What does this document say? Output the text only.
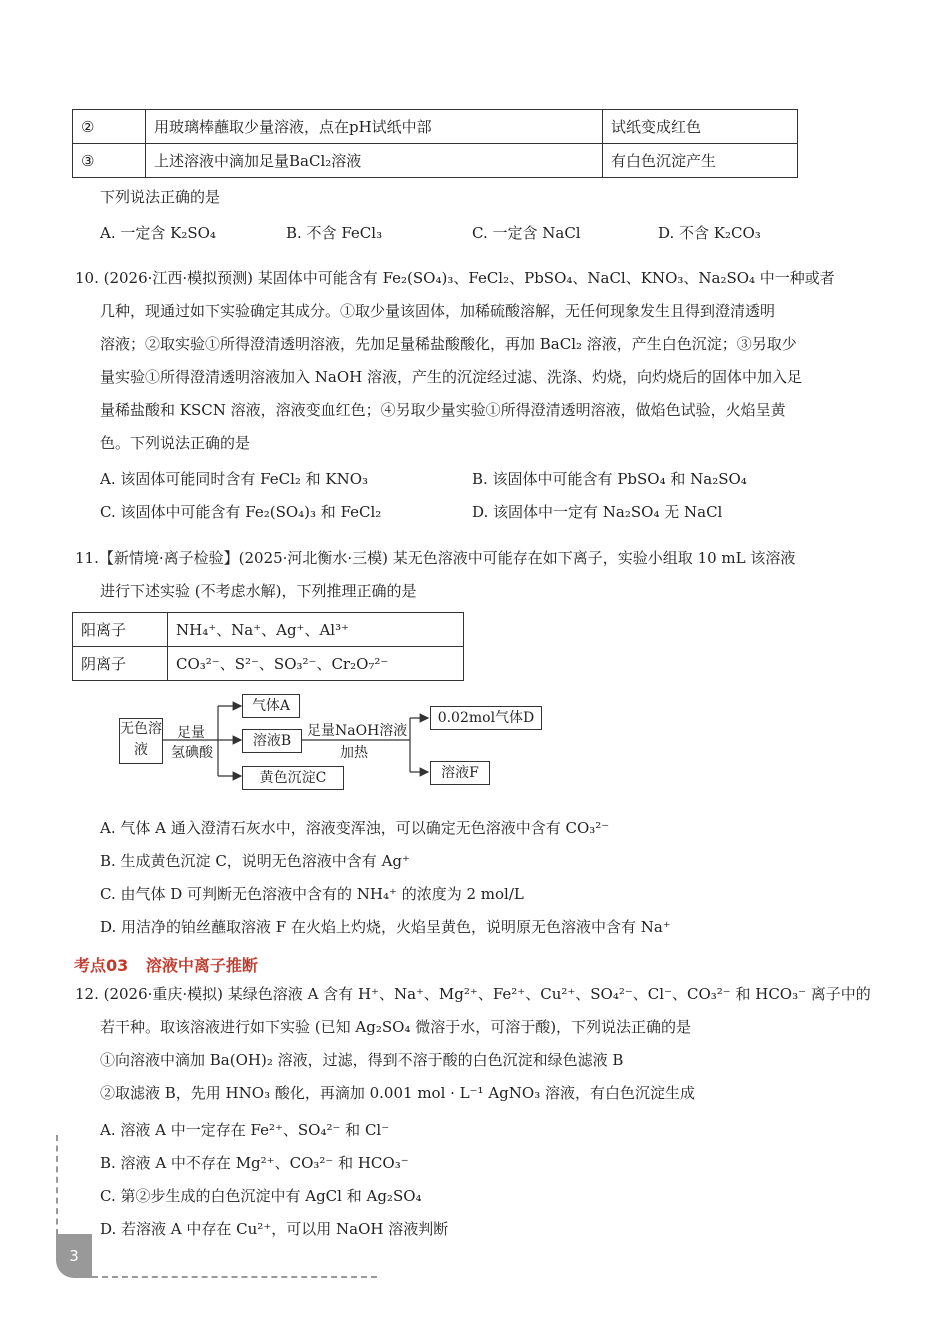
②	用玻璃棒蘸取少量溶液，点在pH试纸中部	试纸变成红色
③	上述溶液中滴加足量BaCl₂溶液	有白色沉淀产生
下列说法正确的是
A. 一定含 K₂SO₄	B. 不含 FeCl₃	C. 一定含 NaCl	D. 不含 K₂CO₃
10. (2026·江西·模拟预测) 某固体中可能含有 Fe₂(SO₄)₃、FeCl₂、PbSO₄、NaCl、KNO₃、Na₂SO₄ 中一种或者
几种，现通过如下实验确定其成分。①取少量该固体，加稀硫酸溶解，无任何现象发生且得到澄清透明
溶液；②取实验①所得澄清透明溶液，先加足量稀盐酸酸化，再加 BaCl₂ 溶液，产生白色沉淀；③另取少
量实验①所得澄清透明溶液加入 NaOH 溶液，产生的沉淀经过滤、洗涤、灼烧，向灼烧后的固体中加入足
量稀盐酸和 KSCN 溶液，溶液变血红色；④另取少量实验①所得澄清透明溶液，做焰色试验，火焰呈黄
色。下列说法正确的是
A. 该固体可能同时含有 FeCl₂ 和 KNO₃	B. 该固体中可能含有 PbSO₄ 和 Na₂SO₄
C. 该固体中可能含有 Fe₂(SO₄)₃ 和 FeCl₂	D. 该固体中一定有 Na₂SO₄ 无 NaCl
11.【新情境·离子检验】(2025·河北衡水·三模) 某无色溶液中可能存在如下离子，实验小组取 10 mL 该溶液
进行下述实验 (不考虑水解)，下列推理正确的是
阳离子	NH₄⁺、Na⁺、Ag⁺、Al³⁺
阴离子	CO₃²⁻、S²⁻、SO₃²⁻、Cr₂O₇²⁻
无色溶液
足量
氢碘酸
气体A
溶液B
黄色沉淀C
足量NaOH溶液
加热
0.02mol气体D
溶液F
A. 气体 A 通入澄清石灰水中，溶液变浑浊，可以确定无色溶液中含有 CO₃²⁻
B. 生成黄色沉淀 C，说明无色溶液中含有 Ag⁺
C. 由气体 D 可判断无色溶液中含有的 NH₄⁺ 的浓度为 2 mol/L
D. 用洁净的铂丝蘸取溶液 F 在火焰上灼烧，火焰呈黄色，说明原无色溶液中含有 Na⁺
考点03 溶液中离子推断
12. (2026·重庆·模拟) 某绿色溶液 A 含有 H⁺、Na⁺、Mg²⁺、Fe²⁺、Cu²⁺、SO₄²⁻、Cl⁻、CO₃²⁻ 和 HCO₃⁻ 离子中的
若干种。取该溶液进行如下实验 (已知 Ag₂SO₄ 微溶于水，可溶于酸)，下列说法正确的是
①向溶液中滴加 Ba(OH)₂ 溶液，过滤，得到不溶于酸的白色沉淀和绿色滤液 B
②取滤液 B，先用 HNO₃ 酸化，再滴加 0.001 mol · L⁻¹ AgNO₃ 溶液，有白色沉淀生成
A. 溶液 A 中一定存在 Fe²⁺、SO₄²⁻ 和 Cl⁻
B. 溶液 A 中不存在 Mg²⁺、CO₃²⁻ 和 HCO₃⁻
C. 第②步生成的白色沉淀中有 AgCl 和 Ag₂SO₄
D. 若溶液 A 中存在 Cu²⁺，可以用 NaOH 溶液判断
3
